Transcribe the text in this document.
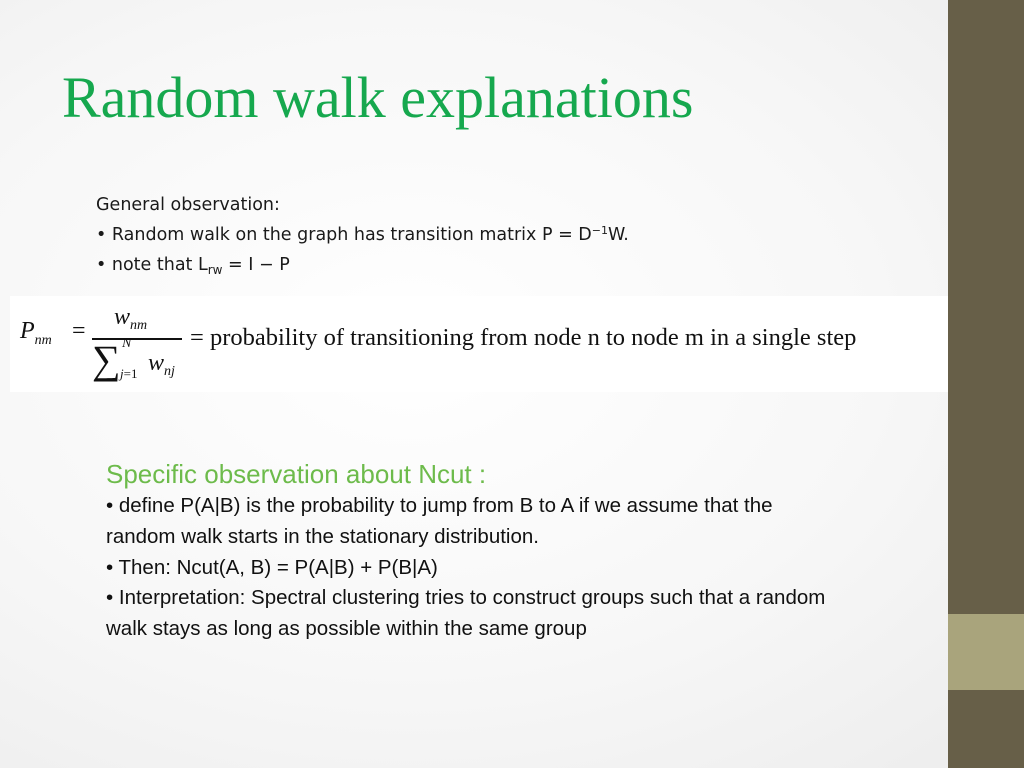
Random walk explanations
General observation:
• Random walk on the graph has transition matrix $P = D^{-1}W$.
• note that $L_{rw} = I - P$
$P_{nm}$ =
$w_{nm}$
∑ N
j=1 $w_{nj}$
= probability of transitioning from node n to node m in a single step
Specific observation about Ncut :

• define P(A|B) is the probability to jump from B to A if we assume that the random walk starts in the stationary distribution.

• Then: Ncut(A, B) = P(A|B) + P(B|A)

• Interpretation: Spectral clustering tries to construct groups such that a random walk stays as long as possible within the same group
